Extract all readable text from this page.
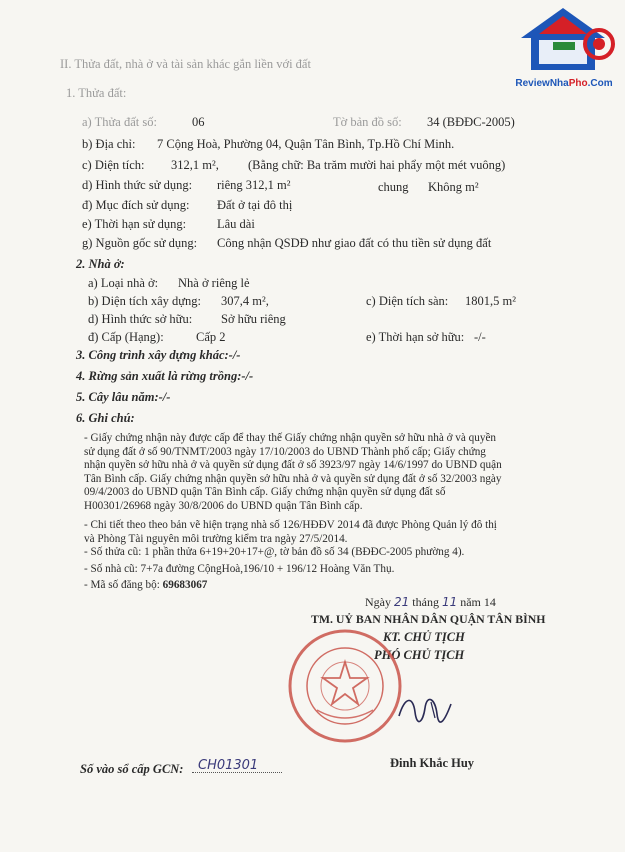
ReviewNhaPho.Com
II. Thửa đất, nhà ở và tài sản khác gắn liền với đất
1. Thửa đất:
a) Thửa đất số:	06	Tờ bản đồ số: 34 (BĐĐC-2005)
b) Địa chỉ: 7 Cộng Hoà, Phường 04, Quận Tân Bình, Tp.Hồ Chí Minh.
c) Diện tích: 312,1 m², (Bằng chữ: Ba trăm mười hai phẩy một mét vuông)
d) Hình thức sử dụng: riêng 312,1 m²	chung Không m²
đ) Mục đích sử dụng: Đất ở tại đô thị
e) Thời hạn sử dụng: Lâu dài
g) Nguồn gốc sử dụng: Công nhận QSDĐ như giao đất có thu tiền sử dụng đất
2. Nhà ở:
a) Loại nhà ở: Nhà ở riêng lẻ
b) Diện tích xây dựng: 307,4 m²,	c) Diện tích sàn: 1801,5 m²
d) Hình thức sở hữu: Sở hữu riêng
đ) Cấp (Hạng):	Cấp 2	e) Thời hạn sở hữu: -/-
3. Công trình xây dựng khác:-/-
4. Rừng sản xuất là rừng trồng:-/-
5. Cây lâu năm:-/-
6. Ghi chú:
- Giấy chứng nhận này được cấp để thay thế Giấy chứng nhận quyền sở hữu nhà ở và quyền
sử dụng đất ở số 90/TNMT/2003 ngày 17/10/2003 do UBND Thành phố cấp; Giấy chứng
nhận quyền sở hữu nhà ở và quyền sử dụng đất ở số 3923/97 ngày 14/6/1997 do UBND quận
Tân Bình cấp. Giấy chứng nhận quyền sở hữu nhà ở và quyền sử dụng đất ở số 32/2003 ngày
09/4/2003 do UBND quận Tân Bình cấp. Giấy chứng nhận quyền sử dụng đất số
H00301/26968 ngày 30/8/2006 do UBND quận Tân Bình cấp.
- Chi tiết theo theo bản vẽ hiện trạng nhà số 126/HĐĐV 2014 đã được Phòng Quản lý đô thị
và Phòng Tài nguyên môi trường kiểm tra ngày 27/5/2014.
- Số thửa cũ: 1 phần thửa 6+19+20+17+@, tờ bản đồ số 34 (BĐĐC-2005 phường 4).
- Số nhà cũ: 7+7a đường CộngHoà,196/10 + 196/12 Hoàng Văn Thụ.
- Mã số đăng bộ: 69683067
Ngày 21 tháng 11 năm 14
TM. UỶ BAN NHÂN DÂN QUẬN TÂN BÌNH
KT. CHỦ TỊCH
PHÓ CHỦ TỊCH
Đinh Khắc Huy
Số vào sổ cấp GCN: CH01301
